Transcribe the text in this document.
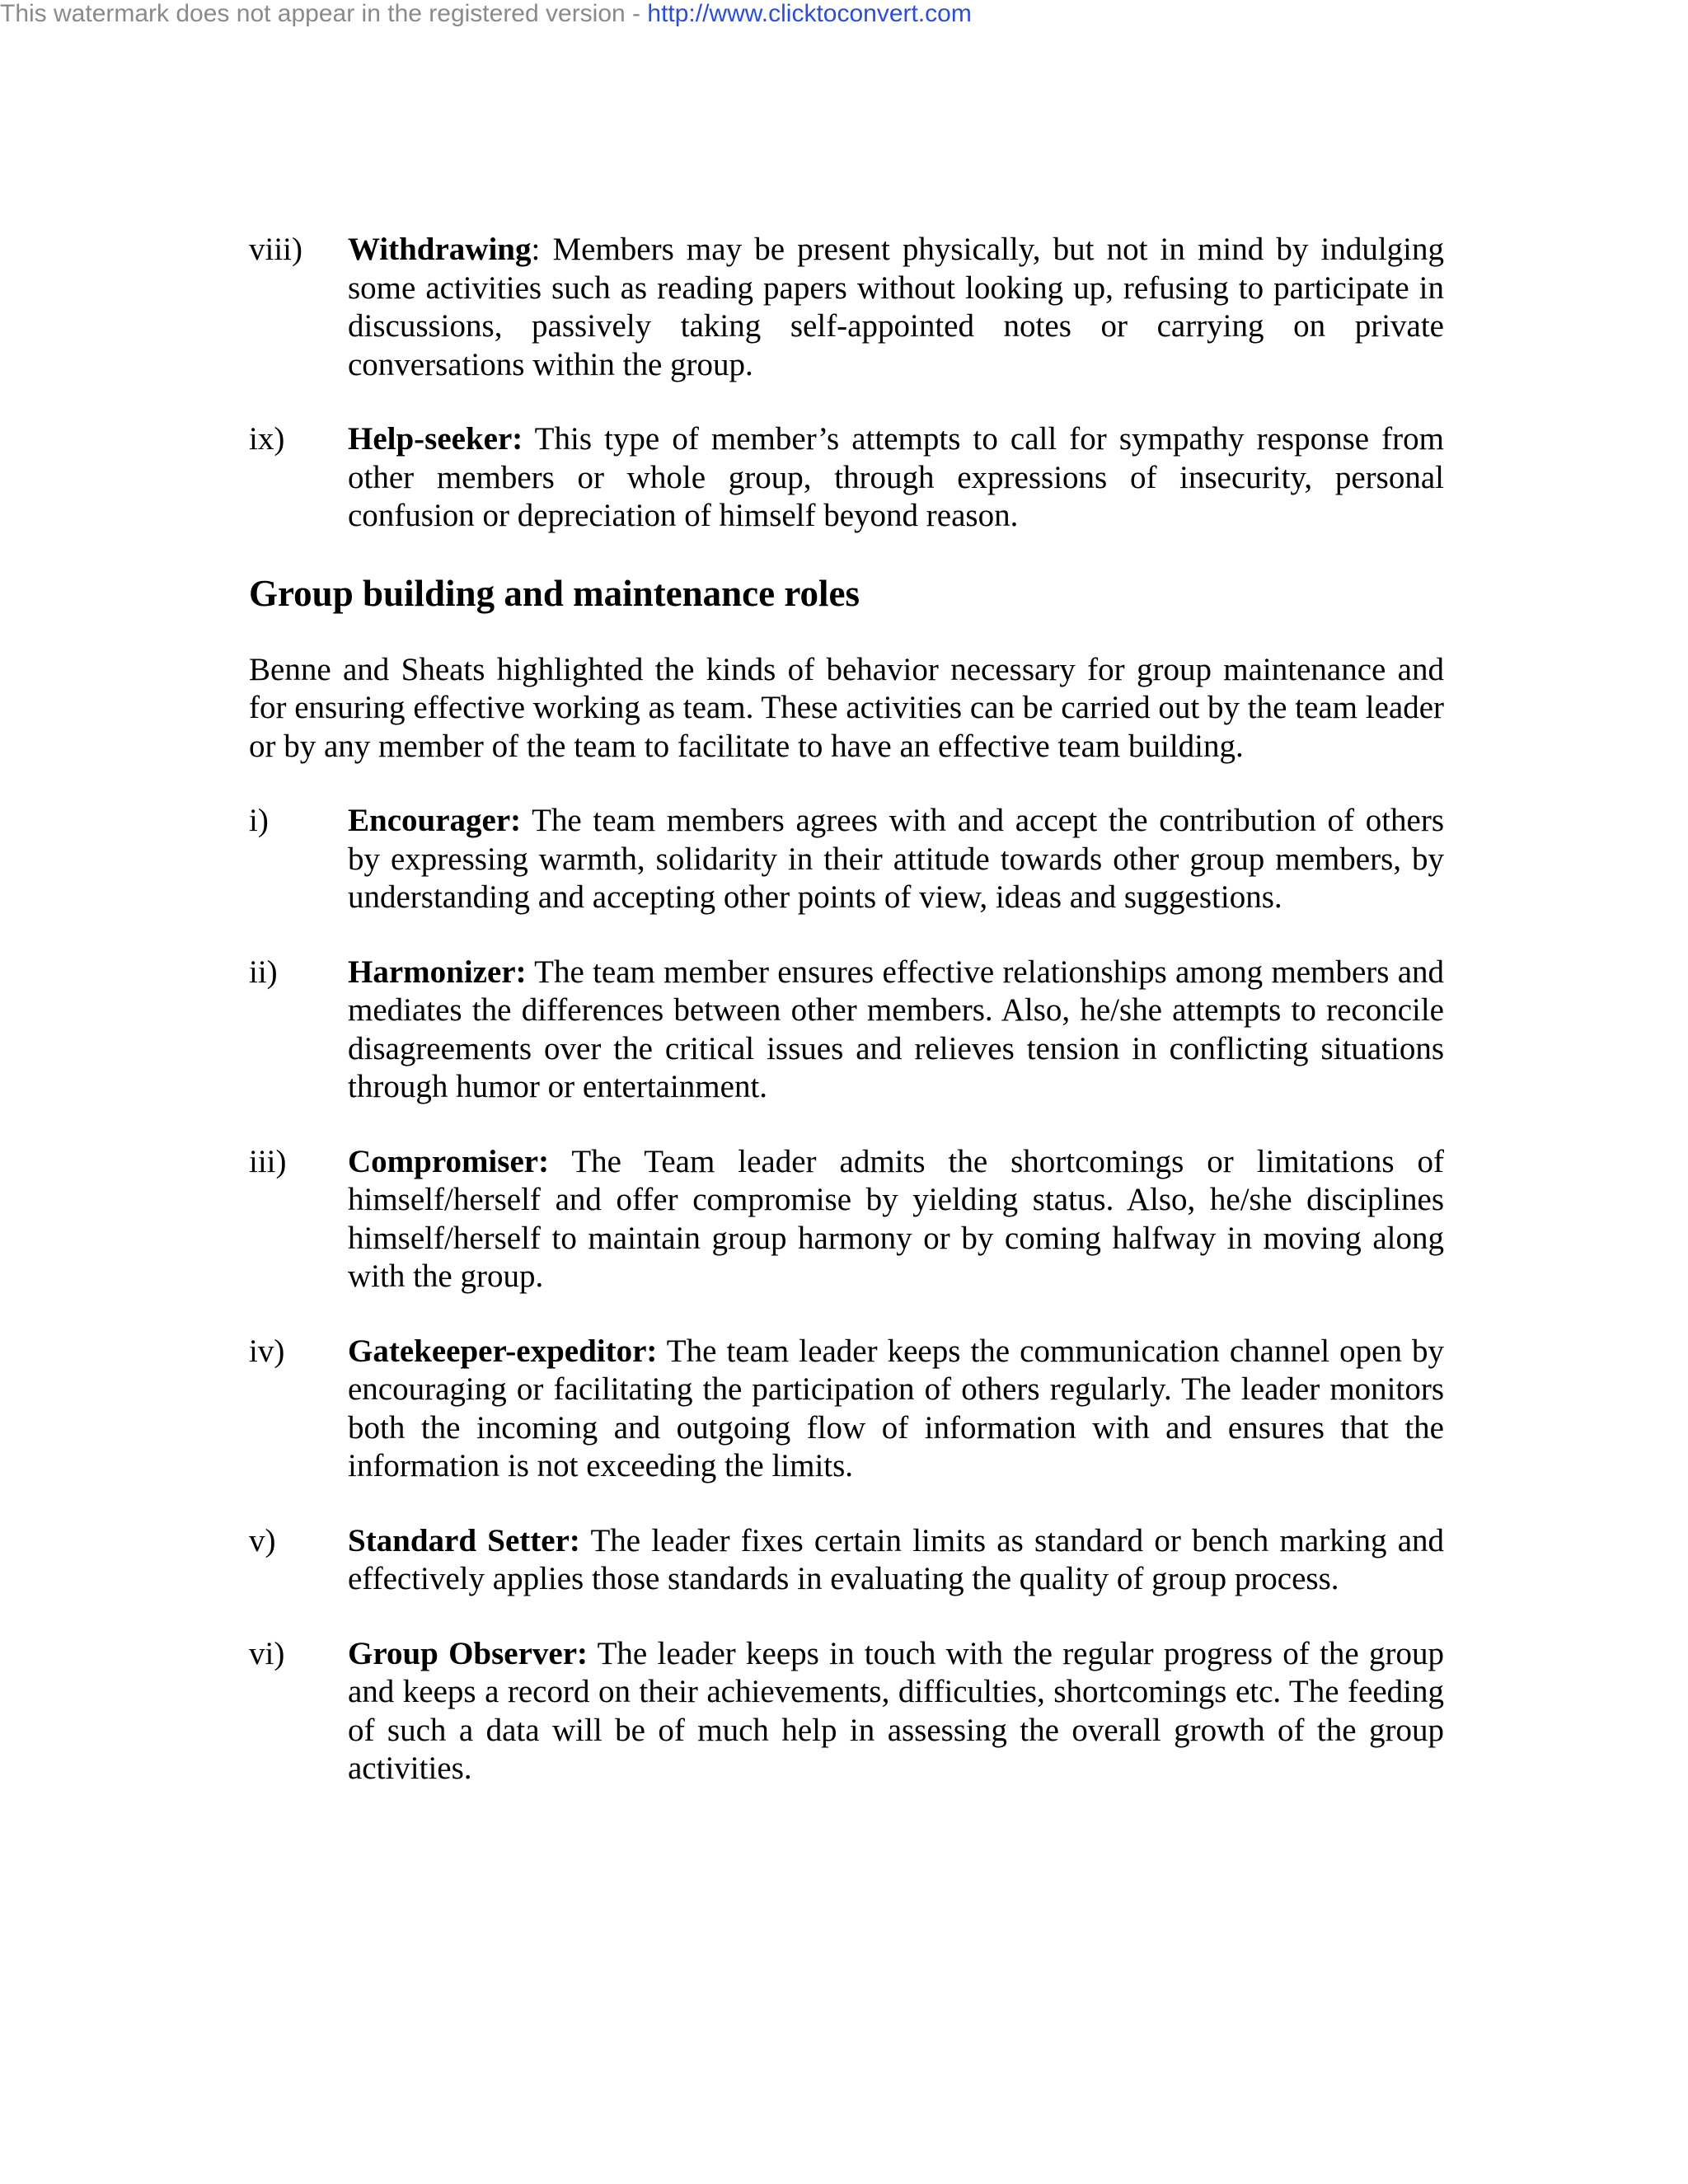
This watermark does not appear in the registered version - http://www.clicktoconvert.com
viii)	Withdrawing: Members may be present physically, but not in mind by indulging some activities such as reading papers without looking up, refusing to participate in discussions, passively taking self-appointed notes or carrying on private conversations within the group.
ix)	Help-seeker: This type of member’s attempts to call for sympathy response from other members or whole group, through expressions of insecurity, personal confusion or depreciation of himself beyond reason.
Group building and maintenance roles
Benne and Sheats highlighted the kinds of behavior necessary for group maintenance and for ensuring effective working as team. These activities can be carried out by the team leader or by any member of the team to facilitate to have an effective team building.
i)	Encourager: The team members agrees with and accept the contribution of others by expressing warmth, solidarity in their attitude towards other group members, by understanding and accepting other points of view, ideas and suggestions.
ii)	Harmonizer: The team member ensures effective relationships among members and mediates the differences between other members. Also, he/she attempts to reconcile disagreements over the critical issues and relieves tension in conflicting situations through humor or entertainment.
iii)	Compromiser: The Team leader admits the shortcomings or limitations of himself/herself and offer compromise by yielding status. Also, he/she disciplines himself/herself to maintain group harmony or by coming halfway in moving along with the group.
iv)	Gatekeeper-expeditor: The team leader keeps the communication channel open by encouraging or facilitating the participation of others regularly. The leader monitors both the incoming and outgoing flow of information with and ensures that the information is not exceeding the limits.
v)	Standard Setter: The leader fixes certain limits as standard or bench marking and effectively applies those standards in evaluating the quality of group process.
vi)	Group Observer: The leader keeps in touch with the regular progress of the group and keeps a record on their achievements, difficulties, shortcomings etc. The feeding of such a data will be of much help in assessing the overall growth of the group activities.
